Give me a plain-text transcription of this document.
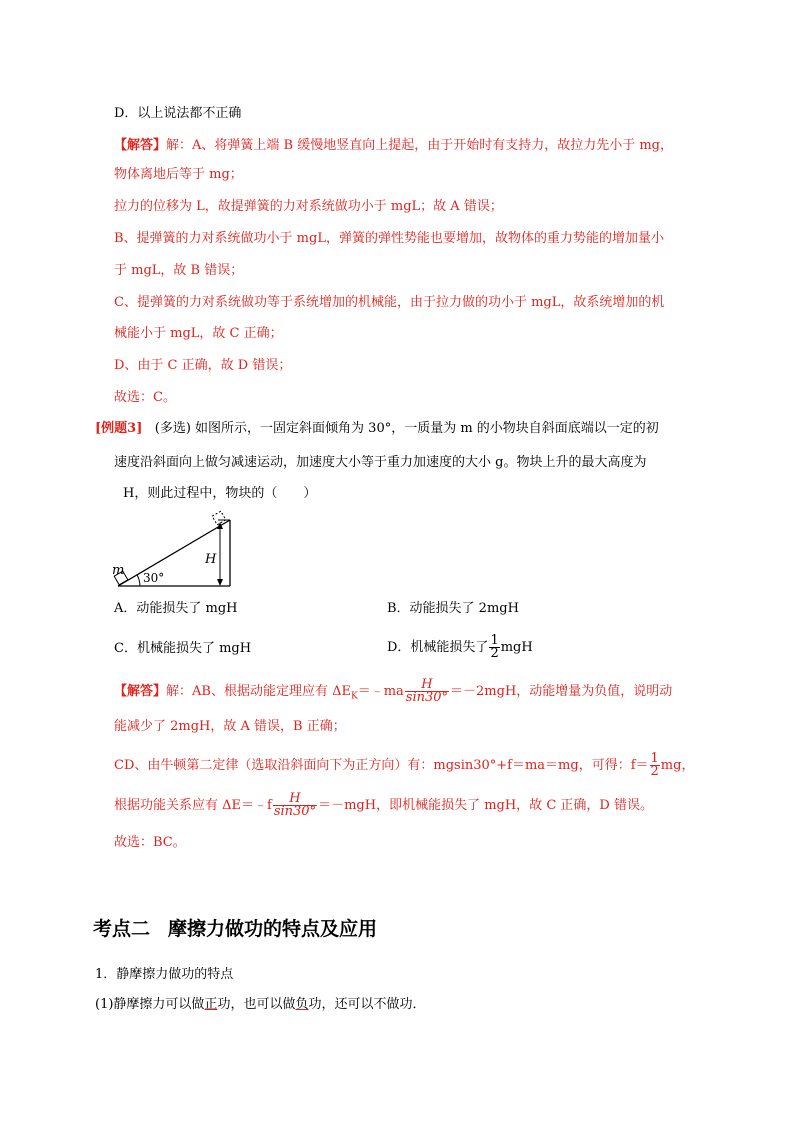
D．以上说法都不正确
【解答】解：A、将弹簧上端 B 缓慢地竖直向上提起，由于开始时有支持力，故拉力先小于 mg，
物体离地后等于 mg；
拉力的位移为 L，故提弹簧的力对系统做功小于 mgL；故 A 错误；
B、提弹簧的力对系统做功小于 mgL，弹簧的弹性势能也要增加，故物体的重力势能的增加量小
于 mgL，故 B 错误；
C、提弹簧的力对系统做功等于系统增加的机械能，由于拉力做的功小于 mgL，故系统增加的机
械能小于 mgL，故 C 正确；
D、由于 C 正确，故 D 错误；
故选：C。
[例题3] (多选) 如图所示，一固定斜面倾角为 30°，一质量为 m 的小物块自斜面底端以一定的初
速度沿斜面向上做匀减速运动，加速度大小等于重力加速度的大小 g。物块上升的最大高度为
H，则此过程中，物块的（　　）
m 30°
H
A．动能损失了 mgH	B．动能损失了 2mgH
C．机械能损失了 mgH	D．机械能损失了 $\frac{1}{2}$ mgH
【解答】解：AB、根据动能定理应有 $\Delta E_K=﹣ma \frac{H}{\sin 30^\circ} =-2mgH$，动能增量为负值，说明动
能减少了 2mgH，故 A 错误，B 正确；
CD、由牛顿第二定律（选取沿斜面向下为正方向）有：mgsin30°+f＝ma＝mg，可得：$f= \frac{1}{2}$ mg，
根据功能关系应有 ΔE＝﹣f $\frac{H}{\sin 30^\circ} =-mgH$，即机械能损失了 mgH，故 C 正确，D 错误。
故选：BC。
考点二 摩擦力做功的特点及应用
1．静摩擦力做功的特点
(1)静摩擦力可以做正功，也可以做负功，还可以不做功．
